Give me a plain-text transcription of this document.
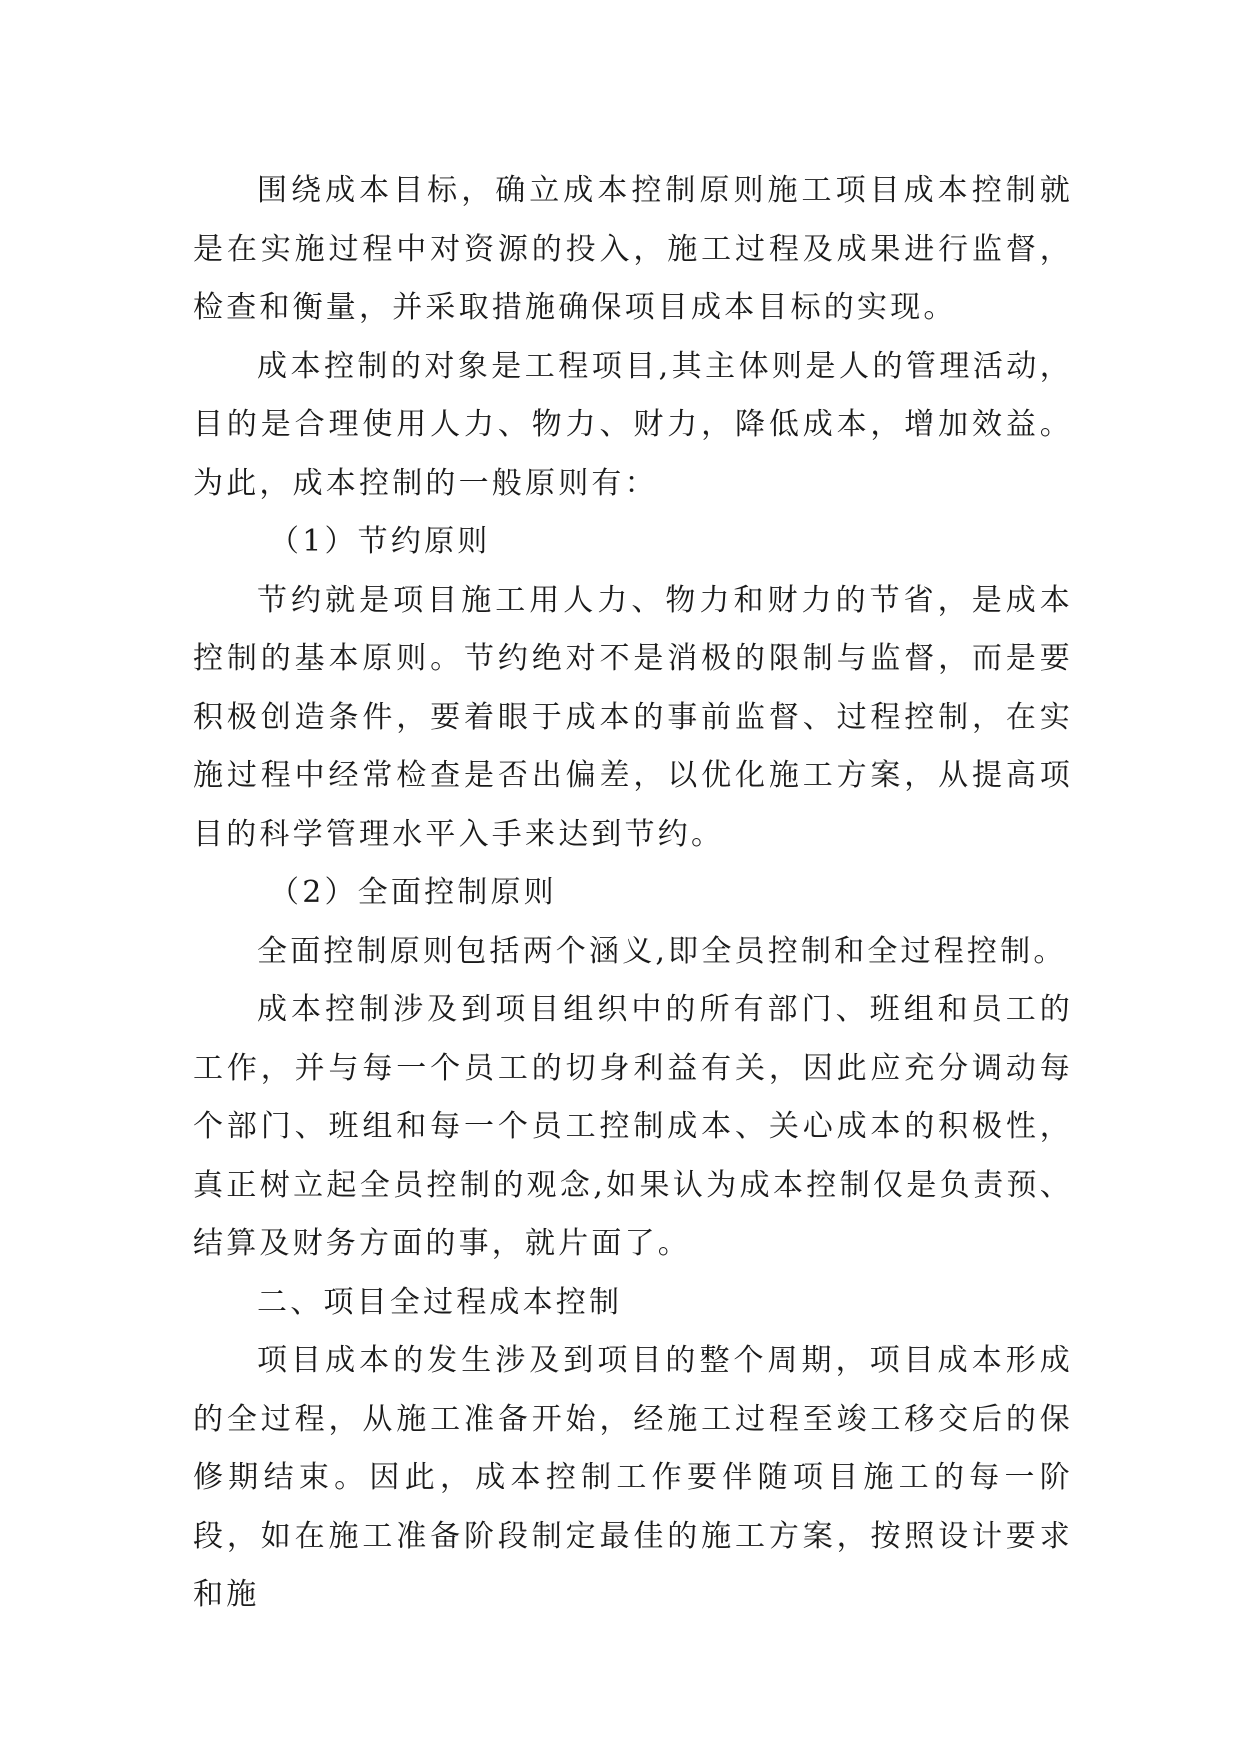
围绕成本目标，确立成本控制原则施工项目成本控制就是在实施过程中对资源的投入，施工过程及成果进行监督，检查和衡量，并采取措施确保项目成本目标的实现。

成本控制的对象是工程项目,其主体则是人的管理活动，目的是合理使用人力、物力、财力，降低成本，增加效益。为此，成本控制的一般原则有：

（1）节约原则

节约就是项目施工用人力、物力和财力的节省，是成本控制的基本原则。节约绝对不是消极的限制与监督，而是要积极创造条件，要着眼于成本的事前监督、过程控制，在实施过程中经常检查是否出偏差，以优化施工方案，从提高项目的科学管理水平入手来达到节约。

（2）全面控制原则

全面控制原则包括两个涵义,即全员控制和全过程控制。

成本控制涉及到项目组织中的所有部门、班组和员工的工作，并与每一个员工的切身利益有关，因此应充分调动每个部门、班组和每一个员工控制成本、关心成本的积极性，真正树立起全员控制的观念,如果认为成本控制仅是负责预、结算及财务方面的事，就片面了。

二、项目全过程成本控制

项目成本的发生涉及到项目的整个周期，项目成本形成的全过程，从施工准备开始，经施工过程至竣工移交后的保修期结束。因此，成本控制工作要伴随项目施工的每一阶段，如在施工准备阶段制定最佳的施工方案，按照设计要求和施
